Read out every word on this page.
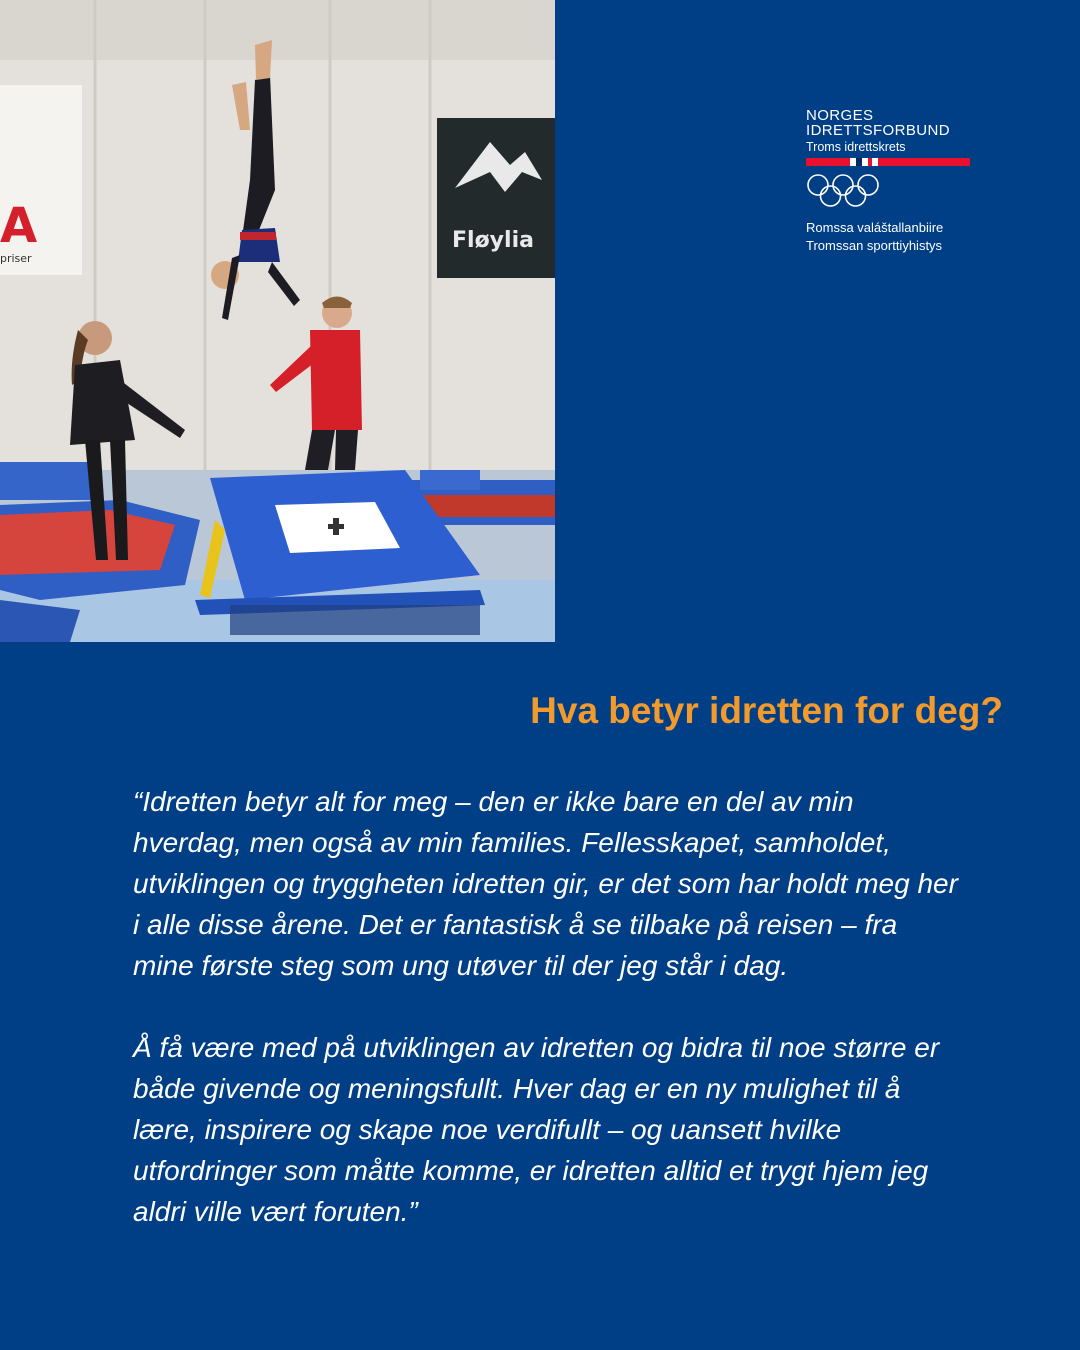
A
priser
Fløylia
NORGES
IDRETTSFORBUND
Troms idrettskrets
Romssa valáštallanbiire
Tromssan sporttiyhistys
Hva betyr idretten for deg?

“Idretten betyr alt for meg – den er ikke bare en del av min hverdag, men også av min families. Fellesskapet, samholdet, utviklingen og tryggheten idretten gir, er det som har holdt meg her i alle disse årene. Det er fantastisk å se tilbake på reisen – fra mine første steg som ung utøver til der jeg står i dag.

Å få være med på utviklingen av idretten og bidra til noe større er både givende og meningsfullt. Hver dag er en ny mulighet til å lære, inspirere og skape noe verdifullt – og uansett hvilke utfordringer som måtte komme, er idretten alltid et trygt hjem jeg aldri ville vært foruten.”
